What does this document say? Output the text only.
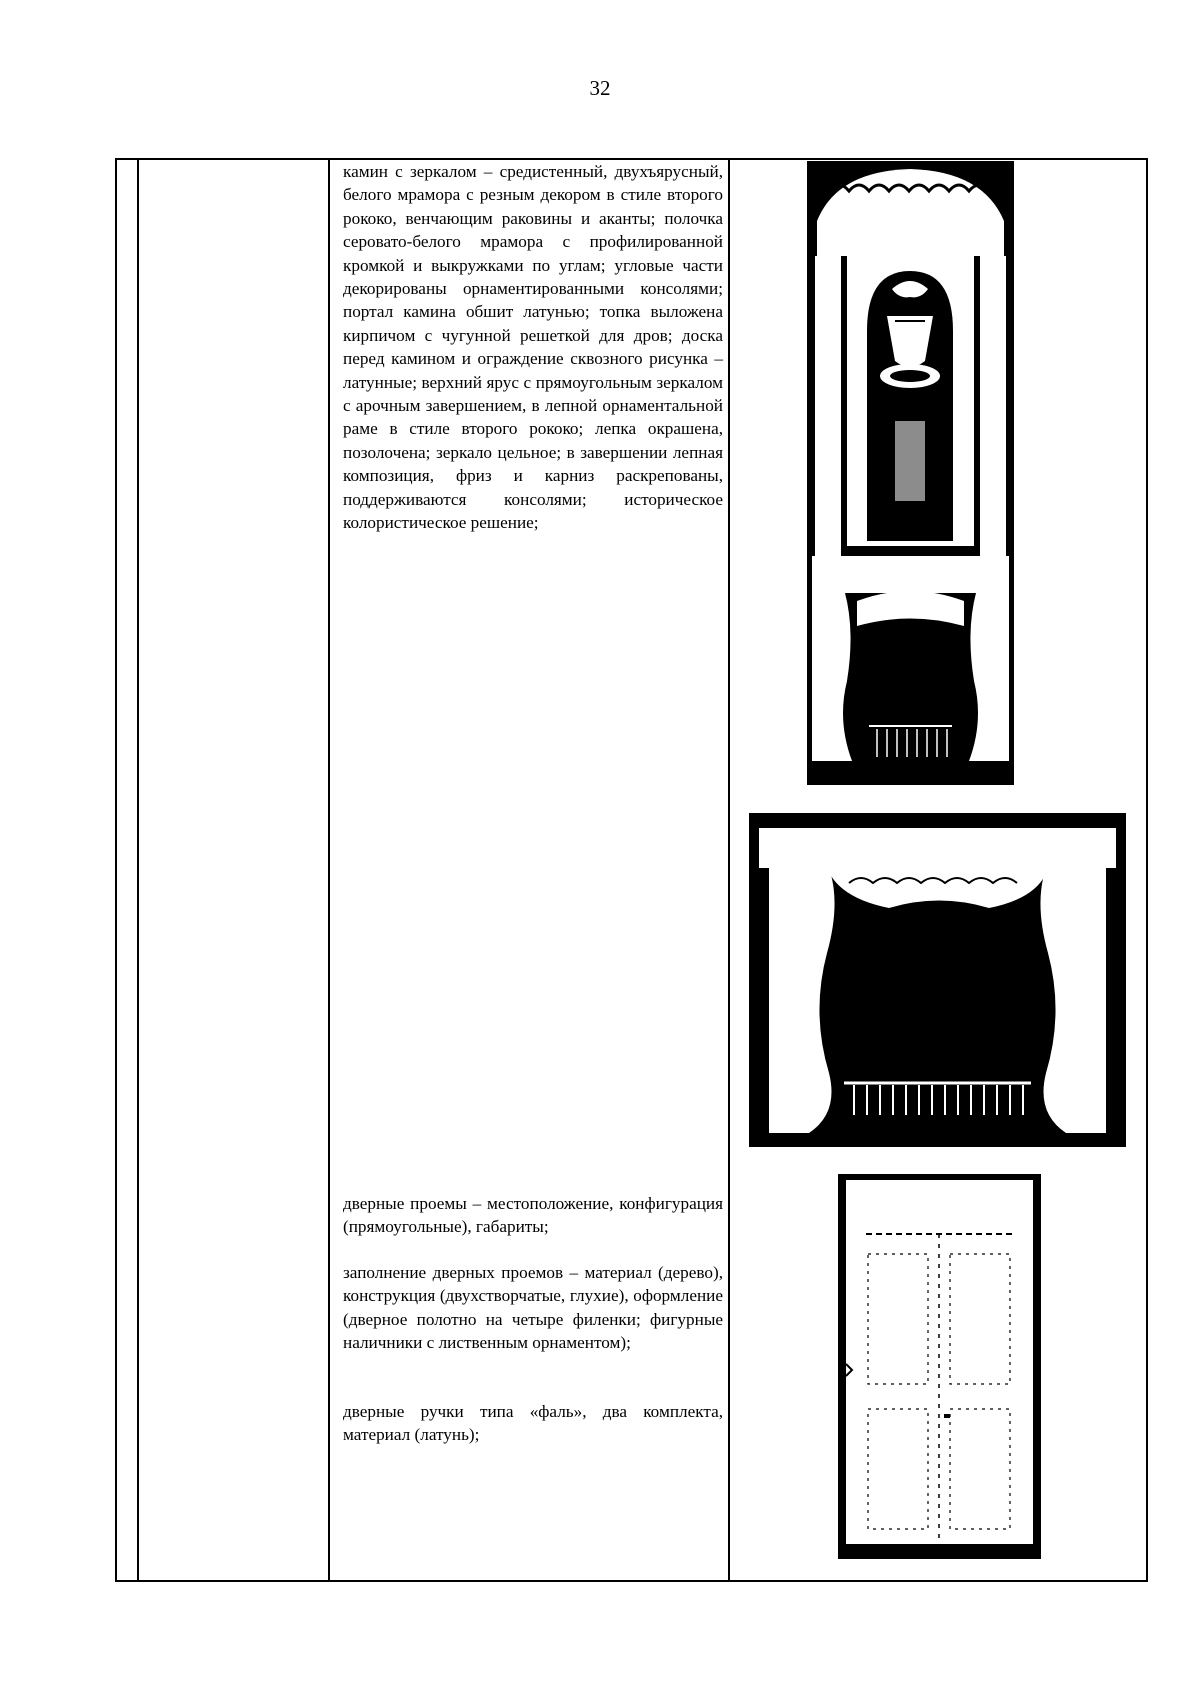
32
камин с зеркалом – средистенный, двухъярусный, белого мрамора с резным декором в стиле второго рококо, венчающим раковины и аканты; полочка серовато-белого мрамора с профилированной кромкой и выкружками по углам; угловые части декорированы орнаментированными консолями; портал камина обшит латунью; топка выложена кирпичом с чугунной решеткой для дров; доска перед камином и ограждение сквозного рисунка – латунные; верхний ярус с прямоугольным зеркалом с арочным завершением, в лепной орнаментальной раме в стиле второго рококо; лепка окрашена, позолочена; зеркало цельное; в завершении лепная композиция, фриз и карниз раскрепованы, поддерживаются консолями; историческое колористическое решение;
дверные проемы – местоположение, конфигурация (прямоугольные), габариты;
заполнение дверных проемов – материал (дерево), конструкция (двухстворчатые, глухие), оформление (дверное полотно на четыре филенки; фигурные наличники с лиственным орнаментом);
дверные ручки типа «фаль», два комплекта, материал (латунь);
